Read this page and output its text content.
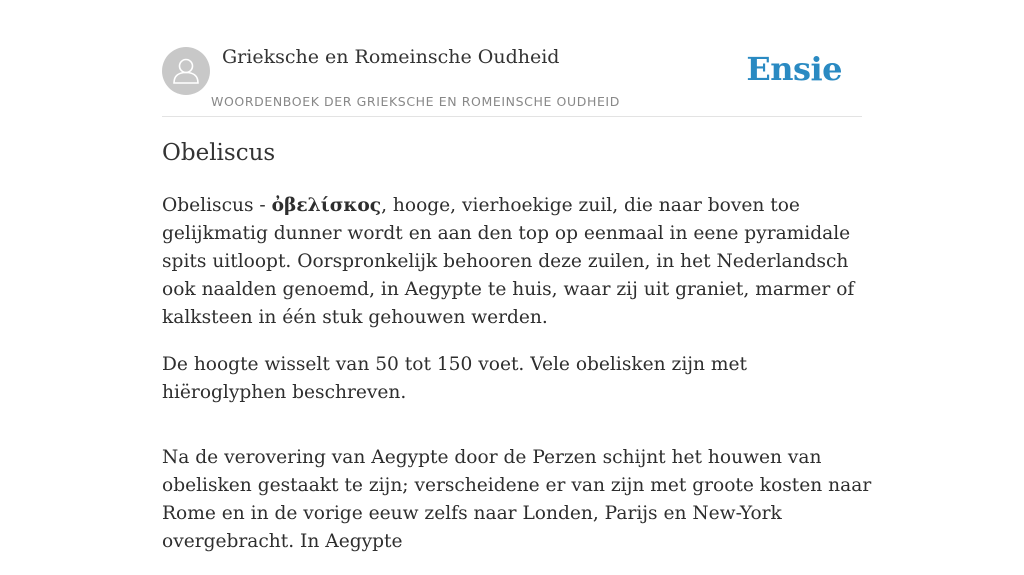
Grieksche en Romeinsche Oudheid
WOORDENBOEK DER GRIEKSCHE EN ROMEINSCHE OUDHEID
Ensie
Obeliscus

Obeliscus - ὀβελίσκος, hooge, vierhoekige zuil, die naar boven toe gelijkmatig dunner wordt en aan den top op eenmaal in eene pyramidale spits uitloopt. Oorspronkelijk behooren deze zuilen, in het Nederlandsch ook naalden genoemd, in Aegypte te huis, waar zij uit graniet, marmer of kalksteen in één stuk gehouwen werden.

De hoogte wisselt van 50 tot 150 voet. Vele obelisken zijn met hiëroglyphen beschreven.

Na de verovering van Aegypte door de Perzen schijnt het houwen van obelisken gestaakt te zijn; verscheidene er van zijn met groote kosten naar Rome en in de vorige eeuw zelfs naar Londen, Parijs en New-York overgebracht. In Aegypte
